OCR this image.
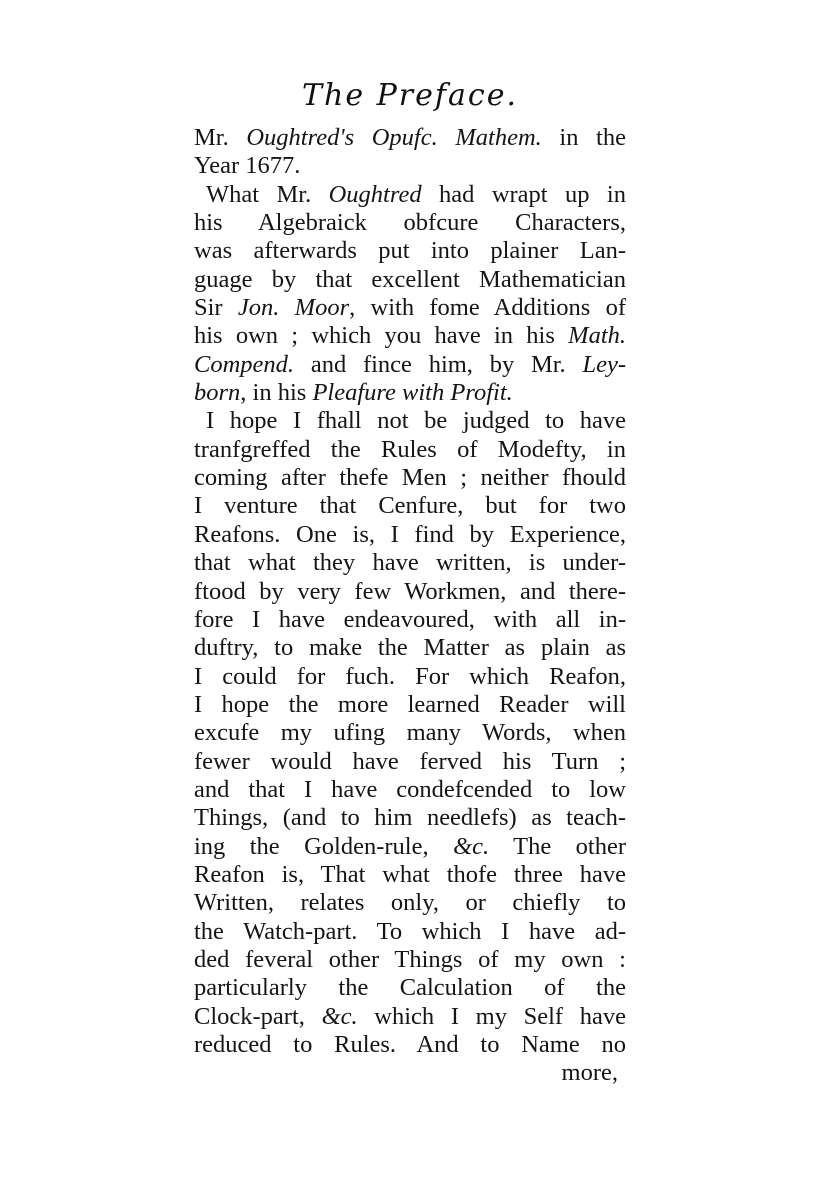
The Preface.
Mr. Oughtred's Opufc. Mathem. in the
Year 1677.
What Mr. Oughtred had wrapt up in
his Algebraick obfcure Characters,
was afterwards put into plainer Lan-
guage by that excellent Mathematician
Sir Jon. Moor, with fome Additions of
his own ; which you have in his Math.
Compend. and fince him, by Mr. Ley-
born, in his Pleafure with Profit.
I hope I fhall not be judged to have
tranfgreffed the Rules of Modefty, in
coming after thefe Men ; neither fhould
I venture that Cenfure, but for two
Reafons. One is, I find by Experience,
that what they have written, is under-
ftood by very few Workmen, and there-
fore I have endeavoured, with all in-
duftry, to make the Matter as plain as
I could for fuch. For which Reafon,
I hope the more learned Reader will
excufe my ufing many Words, when
fewer would have ferved his Turn ;
and that I have condefcended to low
Things, (and to him needlefs) as teach-
ing the Golden-rule, &c. The other
Reafon is, That what thofe three have
Written, relates only, or chiefly to
the Watch-part. To which I have ad-
ded feveral other Things of my own :
particularly the Calculation of the
Clock-part, &c. which I my Self have
reduced to Rules. And to Name no
more,
